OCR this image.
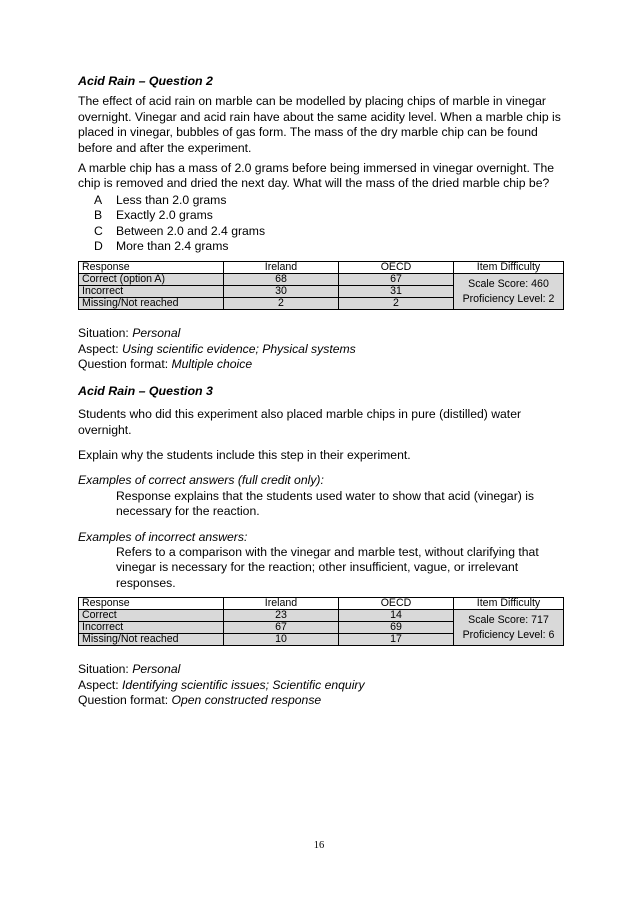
Acid Rain – Question 2

The effect of acid rain on marble can be modelled by placing chips of marble in vinegar overnight. Vinegar and acid rain have about the same acidity level. When a marble chip is placed in vinegar, bubbles of gas form. The mass of the dry marble chip can be found before and after the experiment.

A marble chip has a mass of 2.0 grams before being immersed in vinegar overnight. The chip is removed and dried the next day. What will the mass of the dried marble chip be?

A	Less than 2.0 grams
B	Exactly 2.0 grams
C	Between 2.0 and 2.4 grams
D	More than 2.4 grams
Response	Ireland	OECD	Item Difficulty
Correct (option A)	68	67	Scale Score: 460
Proficiency Level: 2

Incorrect	30	31	
Missing/Not reached	2	2	

Situation: Personal

Aspect: Using scientific evidence; Physical systems

Question format: Multiple choice

Acid Rain – Question 3

Students who did this experiment also placed marble chips in pure (distilled) water overnight.

Explain why the students include this step in their experiment.

Examples of correct answers (full credit only):

Response explains that the students used water to show that acid (vinegar) is necessary for the reaction.

Examples of incorrect answers:

Refers to a comparison with the vinegar and marble test, without clarifying that vinegar is necessary for the reaction; other insufficient, vague, or irrelevant responses.

Response	Ireland	OECD	Item Difficulty
Correct	23	14	Scale Score: 717
Proficiency Level: 6

Incorrect	67	69	
Missing/Not reached	10	17	

Situation: Personal

Aspect: Identifying scientific issues; Scientific enquiry

Question format: Open constructed response

16
